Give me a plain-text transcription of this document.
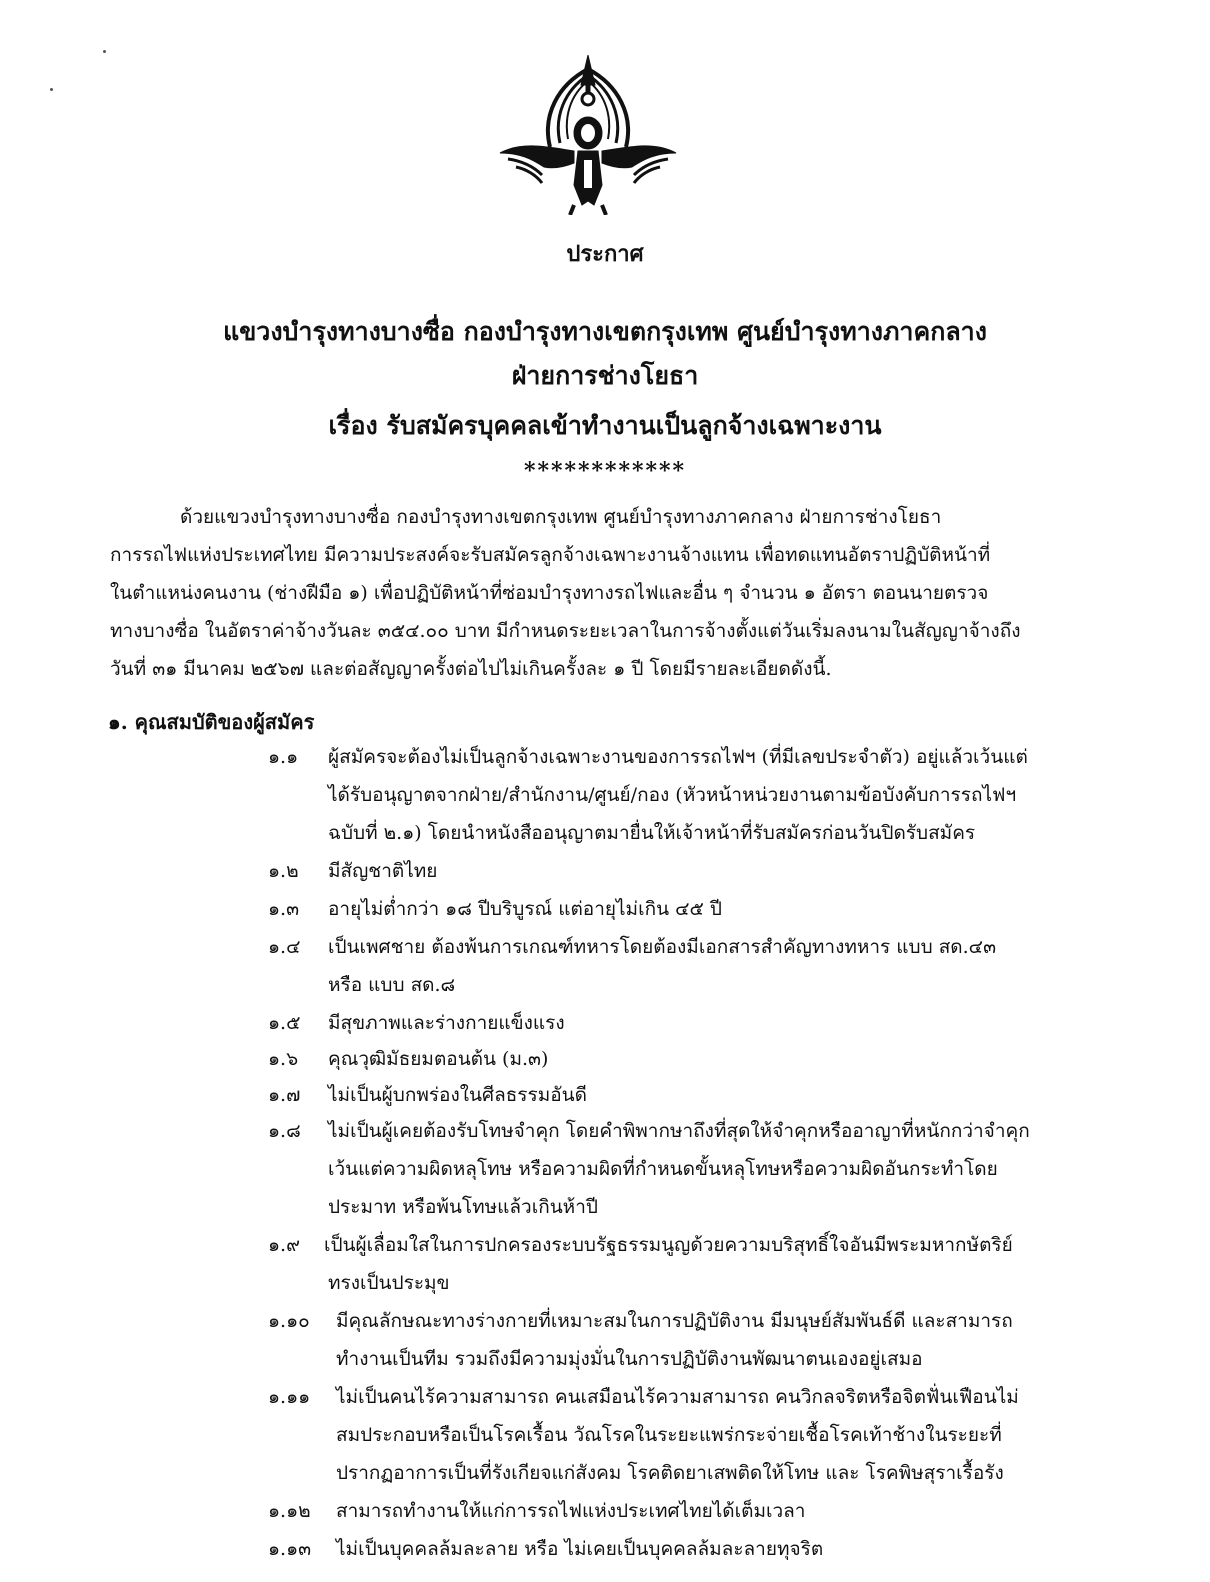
ประกาศ
แขวงบำรุงทางบางซื่อ กองบำรุงทางเขตกรุงเทพ ศูนย์บำรุงทางภาคกลาง
ฝ่ายการช่างโยธา
เรื่อง รับสมัครบุคคลเข้าทำงานเป็นลูกจ้างเฉพาะงาน
************
ด้วยแขวงบำรุงทางบางซื่อ กองบำรุงทางเขตกรุงเทพ ศูนย์บำรุงทางภาคกลาง ฝ่ายการช่างโยธา
การรถไฟแห่งประเทศไทย มีความประสงค์จะรับสมัครลูกจ้างเฉพาะงานจ้างแทน เพื่อทดแทนอัตราปฏิบัติหน้าที่
ในตำแหน่งคนงาน (ช่างฝีมือ ๑) เพื่อปฏิบัติหน้าที่ซ่อมบำรุงทางรถไฟและอื่น ๆ จำนวน ๑ อัตรา ตอนนายตรวจ
ทางบางซื่อ ในอัตราค่าจ้างวันละ ๓๕๔.๐๐ บาท มีกำหนดระยะเวลาในการจ้างตั้งแต่วันเริ่มลงนามในสัญญาจ้างถึง
วันที่ ๓๑ มีนาคม ๒๕๖๗ และต่อสัญญาครั้งต่อไปไม่เกินครั้งละ ๑ ปี โดยมีรายละเอียดดังนี้.
๑. คุณสมบัติของผู้สมัคร
๑.๑ ผู้สมัครจะต้องไม่เป็นลูกจ้างเฉพาะงานของการรถไฟฯ (ที่มีเลขประจำตัว) อยู่แล้วเว้นแต่
ได้รับอนุญาตจากฝ่าย/สำนักงาน/ศูนย์/กอง (หัวหน้าหน่วยงานตามข้อบังคับการรถไฟฯ
ฉบับที่ ๒.๑) โดยนำหนังสืออนุญาตมายื่นให้เจ้าหน้าที่รับสมัครก่อนวันปิดรับสมัคร
๑.๒ มีสัญชาติไทย
๑.๓ อายุไม่ต่ำกว่า ๑๘ ปีบริบูรณ์ แต่อายุไม่เกิน ๔๕ ปี
๑.๔ เป็นเพศชาย ต้องพ้นการเกณฑ์ทหารโดยต้องมีเอกสารสำคัญทางทหาร แบบ สด.๔๓
หรือ แบบ สด.๘
๑.๕ มีสุขภาพและร่างกายแข็งแรง
๑.๖ คุณวุฒิมัธยมตอนต้น (ม.๓)
๑.๗ ไม่เป็นผู้บกพร่องในศีลธรรมอันดี
๑.๘ ไม่เป็นผู้เคยต้องรับโทษจำคุก โดยคำพิพากษาถึงที่สุดให้จำคุกหรืออาญาที่หนักกว่าจำคุก
เว้นแต่ความผิดหลุโทษ หรือความผิดที่กำหนดขั้นหลุโทษหรือความผิดอันกระทำโดย
ประมาท หรือพ้นโทษแล้วเกินห้าปี
๑.๙ เป็นผู้เลื่อมใสในการปกครองระบบรัฐธรรมนูญด้วยความบริสุทธิ์ใจอันมีพระมหากษัตริย์
ทรงเป็นประมุข
๑.๑๐ มีคุณลักษณะทางร่างกายที่เหมาะสมในการปฏิบัติงาน มีมนุษย์สัมพันธ์ดี และสามารถ
ทำงานเป็นทีม รวมถึงมีความมุ่งมั่นในการปฏิบัติงานพัฒนาตนเองอยู่เสมอ
๑.๑๑ ไม่เป็นคนไร้ความสามารถ คนเสมือนไร้ความสามารถ คนวิกลจริตหรือจิตฟั่นเฟือนไม่
สมประกอบหรือเป็นโรคเรื้อน วัณโรคในระยะแพร่กระจ่ายเชื้อโรคเท้าช้างในระยะที่
ปรากฏอาการเป็นที่รังเกียจแก่สังคม โรคติดยาเสพติดให้โทษ และ โรคพิษสุราเรื้อรัง
๑.๑๒ สามารถทำงานให้แก่การรถไฟแห่งประเทศไทยได้เต็มเวลา
๑.๑๓ ไม่เป็นบุคคลล้มละลาย หรือ ไม่เคยเป็นบุคคลล้มละลายทุจริต
